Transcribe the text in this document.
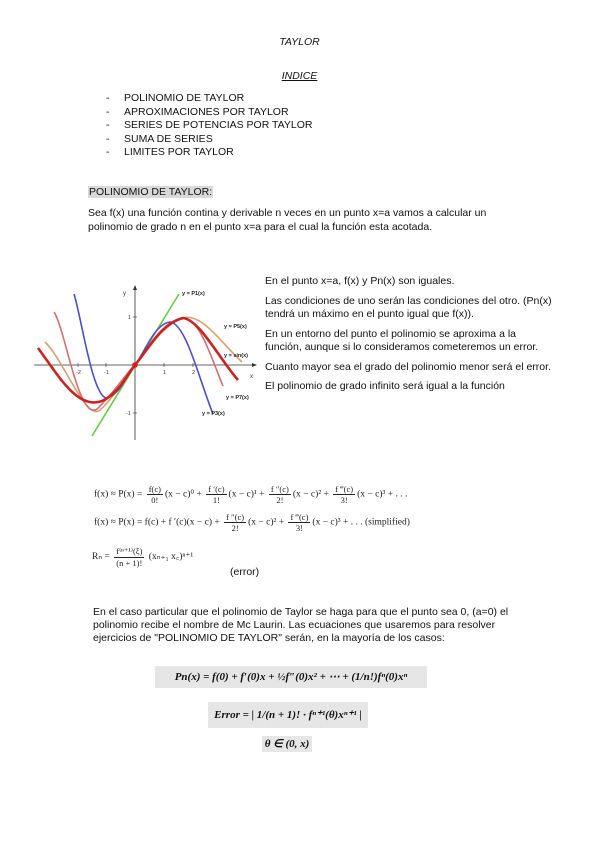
TAYLOR
INDICE
- POLINOMIO DE TAYLOR
- APROXIMACIONES POR TAYLOR
- SERIES DE POTENCIAS POR TAYLOR
- SUMA DE SERIES
- LIMITES POR TAYLOR
POLINOMIO DE TAYLOR:
Sea f(x) una función contina y derivable n veces en un punto x=a vamos a calcular un polinomio de grado n en el punto x=a para el cual la función esta acotada.
-2	-1	1	2
1
-1
y
x
y = P1(x)
y = P5(x)
y = sin(x)
y = P7(x)
y = P3(x)

En el punto x=a, f(x) y Pn(x) son iguales.

Las condiciones de uno serán las condiciones del otro. (Pn(x) tendrá un máximo en el punto igual que f(x)).

En un entorno del punto el polinomio se aproxima a la función, aunque si lo consideramos cometeremos un error.

Cuanto mayor sea el grado del polinomio menor será el error.

El polinomio de grado infinito será igual a la función

$f(x) \approx P(x) = \frac{f(c)}{0!} (x - c)^0 + \frac{f '(c)}{1!} (x - c)^1 + \frac{f ''(c)}{2!} (x - c)^2 + \frac{f ‴(c)}{3!} (x - c)^3$ + . . .
f(x) ≈ P(x) = f(c) + f $'(c)(x - c) + \frac{f ''(c)}{2!} (x - c)^2 + \frac{f ‴(c)}{3!} (x - c)^3$ + . . . (simplified)
$R_n = \frac{\text{f⁽ⁿ⁺¹⁾(ξ)}}{(n + 1)!} (x_{n+1}$ x꜀)ⁿ⁺¹
(error)
En el caso particular que el polinomio de Taylor se haga para que el punto sea 0, (a=0) el polinomio recibe el nombre de Mc Laurin. Las ecuaciones que usaremos para resolver ejercicios de "POLINOMIO DE TAYLOR" serán, en la mayoría de los casos:
Pn(x) = f(0) + f′(0)x + ½f″(0)x² + ⋯ + (1/n!)fⁿ(0)xⁿ
Error = | 1/(n + 1)! · fⁿ⁺¹(θ)xⁿ⁺¹ |
θ ∈ (0, x)
